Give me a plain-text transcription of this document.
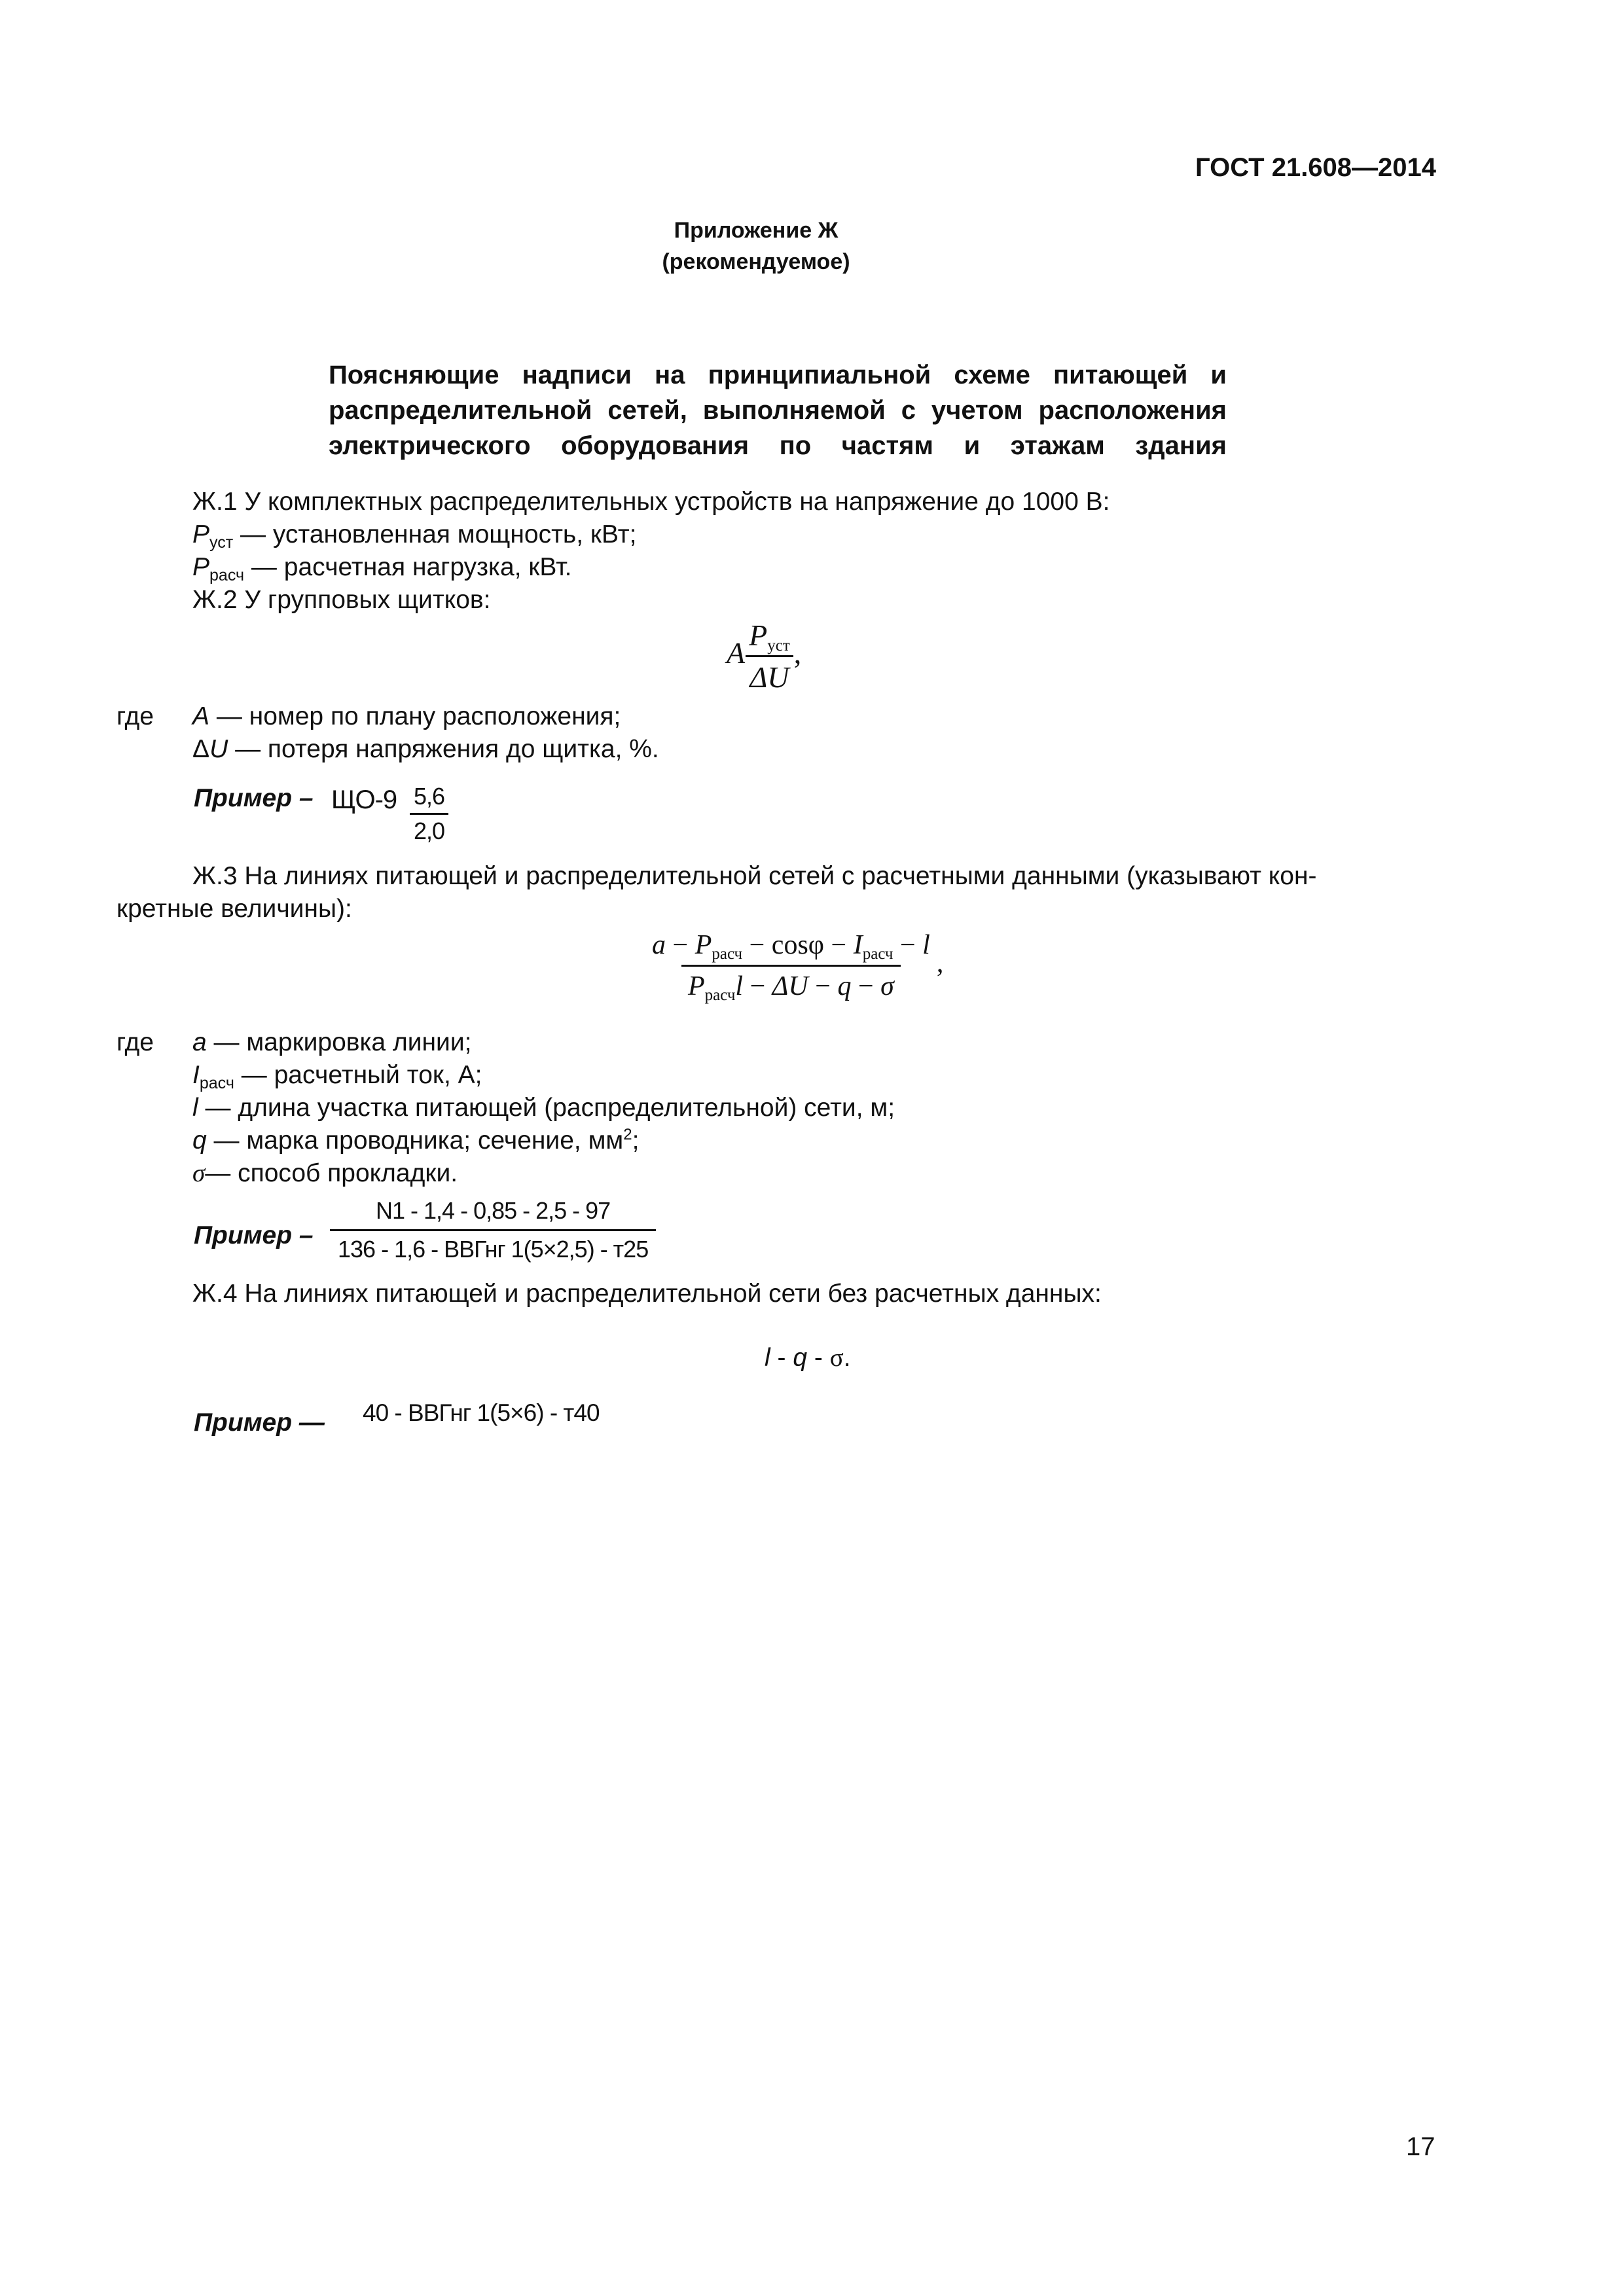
ГОСТ 21.608—2014
Приложение Ж
(рекомендуемое)
Поясняющие надписи на принципиальной схеме питающей и
распределительной сетей, выполняемой с учетом расположения
электрического оборудования по частям и этажам здания
Ж.1 У комплектных распределительных устройств на напряжение до 1000 В:
$P_{уст}$ — установленная мощность, кВт;
$P_{расч}$ — расчетная нагрузка, кВт.
Ж.2 У групповых щитков:
A $\frac{P_{уст}}{\Delta U}$ ,
где A — номер по плану расположения;
ΔU — потеря напряжения до щитка, %.
Пример – $ЩО-9 \frac{5,6}{2,0}$
Ж.3 На линиях питающей и распределительной сетей с расчетными данными (указывают кон-
кретные величины):
$\frac{a - P_{расч} - \cos\varphi - I_{расч} - l}{P_{расч}l - \Delta U - q - \sigma}$ ,
где a — маркировка линии;
$I_{расч}$ — расчетный ток, А;
l — длина участка питающей (распределительной) сети, м;
q — марка проводника; сечение, $мм^2$;
σ— способ прокладки.
Пример –
N1 - 1,4 - 0,85 - 2,5 - 97
136 - 1,6 - ВВГнг 1(5×2,5) - т25
Ж.4 На линиях питающей и распределительной сети без расчетных данных:
l - q - σ.
Пример — 40 - ВВГнг 1(5×6) - т40
17
